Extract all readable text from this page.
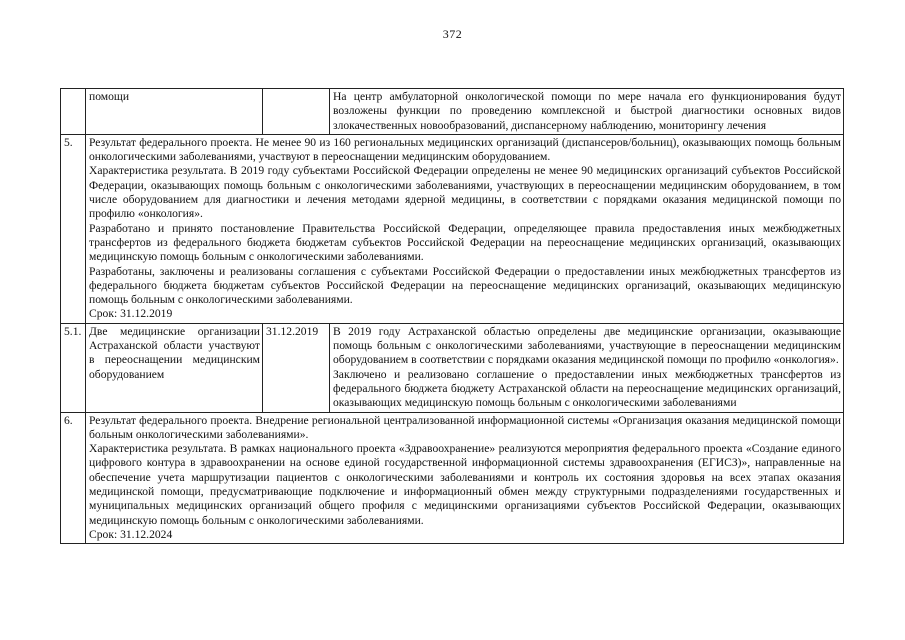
372
	помощи		На центр амбулаторной онкологической помощи по мере начала его функционирования будут возложены функции по проведению комплексной и быстрой диагностики основных видов злокачественных новообразований, диспансерному наблюдению, мониторингу лечения
5.	Результат федерального проекта. Не менее 90 из 160 региональных медицинских организаций (диспансеров/больниц), оказывающих помощь больным онкологическими заболеваниями, участвуют в переоснащении медицинским оборудованием.

Характеристика результата. В 2019 году субъектами Российской Федерации определены не менее 90 медицинских организаций субъектов Российской Федерации, оказывающих помощь больным с онкологическими заболеваниями, участвующих в переоснащении медицинским оборудованием, в том числе оборудованием для диагностики и лечения методами ядерной медицины, в соответствии с порядками оказания медицинской помощи по профилю «онкология».

Разработано и принято постановление Правительства Российской Федерации, определяющее правила предоставления иных межбюджетных трансфертов из федерального бюджета бюджетам субъектов Российской Федерации на переоснащение медицинских организаций, оказывающих медицинскую помощь больным с онкологическими заболеваниями.

Разработаны, заключены и реализованы соглашения с субъектами Российской Федерации о предоставлении иных межбюджетных трансфертов из федерального бюджета бюджетам субъектов Российской Федерации на переоснащение медицинских организаций, оказывающих медицинскую помощь больным с онкологическими заболеваниями.

Срок: 31.12.2019		

5.1.	Две медицинские организации Астраханской области участвуют в переоснащении медицинским оборудованием	31.12.2019	В 2019 году Астраханской областью определены две медицинские организации, оказывающие помощь больным с онкологическими заболеваниями, участвующие в переоснащении медицинским оборудованием в соответствии с порядками оказания медицинской помощи по профилю «онкология».

Заключено и реализовано соглашение о предоставлении иных межбюджетных трансфертов из федерального бюджета бюджету Астраханской области на переоснащение медицинских организаций, оказывающих медицинскую помощь больным с онкологическими заболеваниями

6.	Результат федерального проекта. Внедрение региональной централизованной информационной системы «Организация оказания медицинской помощи больным онкологическими заболеваниями».

Характеристика результата. В рамках национального проекта «Здравоохранение» реализуются мероприятия федерального проекта «Создание единого цифрового контура в здравоохранении на основе единой государственной информационной системы здравоохранения (ЕГИСЗ)», направленные на обеспечение учета маршрутизации пациентов с онкологическими заболеваниями и контроль их состояния здоровья на всех этапах оказания медицинской помощи, предусматривающие подключение и информационный обмен между структурными подразделениями государственных и муниципальных медицинских организаций общего профиля с медицинскими организациями субъектов Российской Федерации, оказывающих медицинскую помощь больным с онкологическими заболеваниями.

Срок: 31.12.2024		
